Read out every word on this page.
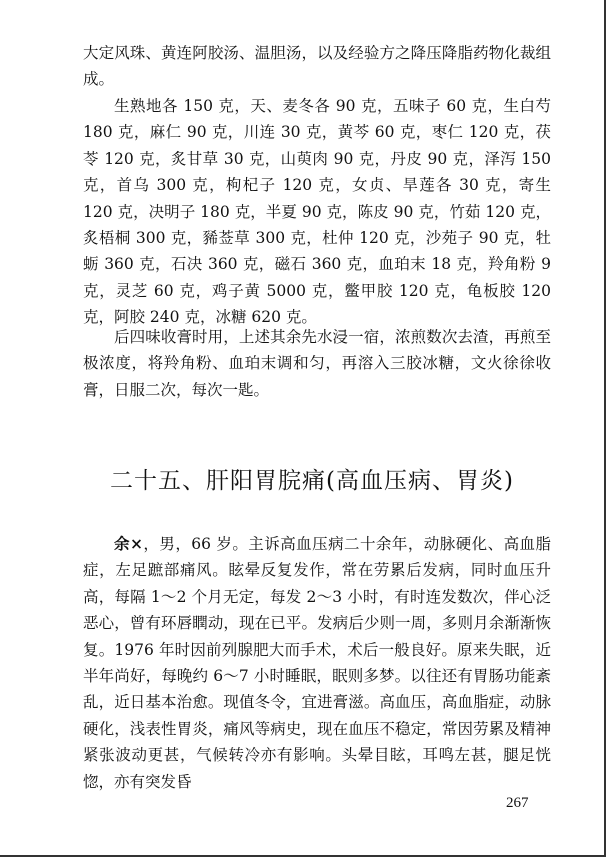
大定风珠、黄连阿胶汤、温胆汤，以及经验方之降压降脂药物化裁组成。

生熟地各 150 克，天、麦冬各 90 克，五味子 60 克，生白芍 180 克，麻仁 90 克，川连 30 克，黄芩 60 克，枣仁 120 克，茯苓 120 克，炙甘草 30 克，山萸肉 90 克，丹皮 90 克，泽泻 150 克，首乌 300 克，枸杞子 120 克，女贞、旱莲各 30 克，寄生 120 克，决明子 180 克，半夏 90 克，陈皮 90 克，竹茹 120 克，炙梧桐 300 克，豨莶草 300 克，杜仲 120 克，沙苑子 90 克，牡蛎 360 克，石决 360 克，磁石 360 克，血珀末 18 克，羚角粉 9 克，灵芝 60 克，鸡子黄 5000 克，鳖甲胶 120 克，龟板胶 120 克，阿胶 240 克，冰糖 620 克。

后四味收膏时用，上述其余先水浸一宿，浓煎数次去渣，再煎至极浓度，将羚角粉、血珀末调和匀，再溶入三胶冰糖，文火徐徐收膏，日服二次，每次一匙。

二十五、肝阳胃脘痛(高血压病、胃炎)

余×，男，66 岁。主诉高血压病二十余年，动脉硬化、高血脂症，左足蹠部痛风。眩晕反复发作，常在劳累后发病，同时血压升高，每隔 1～2 个月无定，每发 2～3 小时，有时连发数次，伴心泛恶心，曾有环唇瞤动，现在已平。发病后少则一周，多则月余渐渐恢复。1976 年时因前列腺肥大而手术，术后一般良好。原来失眠，近半年尚好，每晚约 6～7 小时睡眠，眠则多梦。以往还有胃肠功能紊乱，近日基本治愈。现值冬令，宜进膏滋。高血压，高血脂症，动脉硬化，浅表性胃炎，痛风等病史，现在血压不稳定，常因劳累及精神紧张波动更甚，气候转冷亦有影响。头晕目眩，耳鸣左甚，腿足恍惚，亦有突发昏

267
